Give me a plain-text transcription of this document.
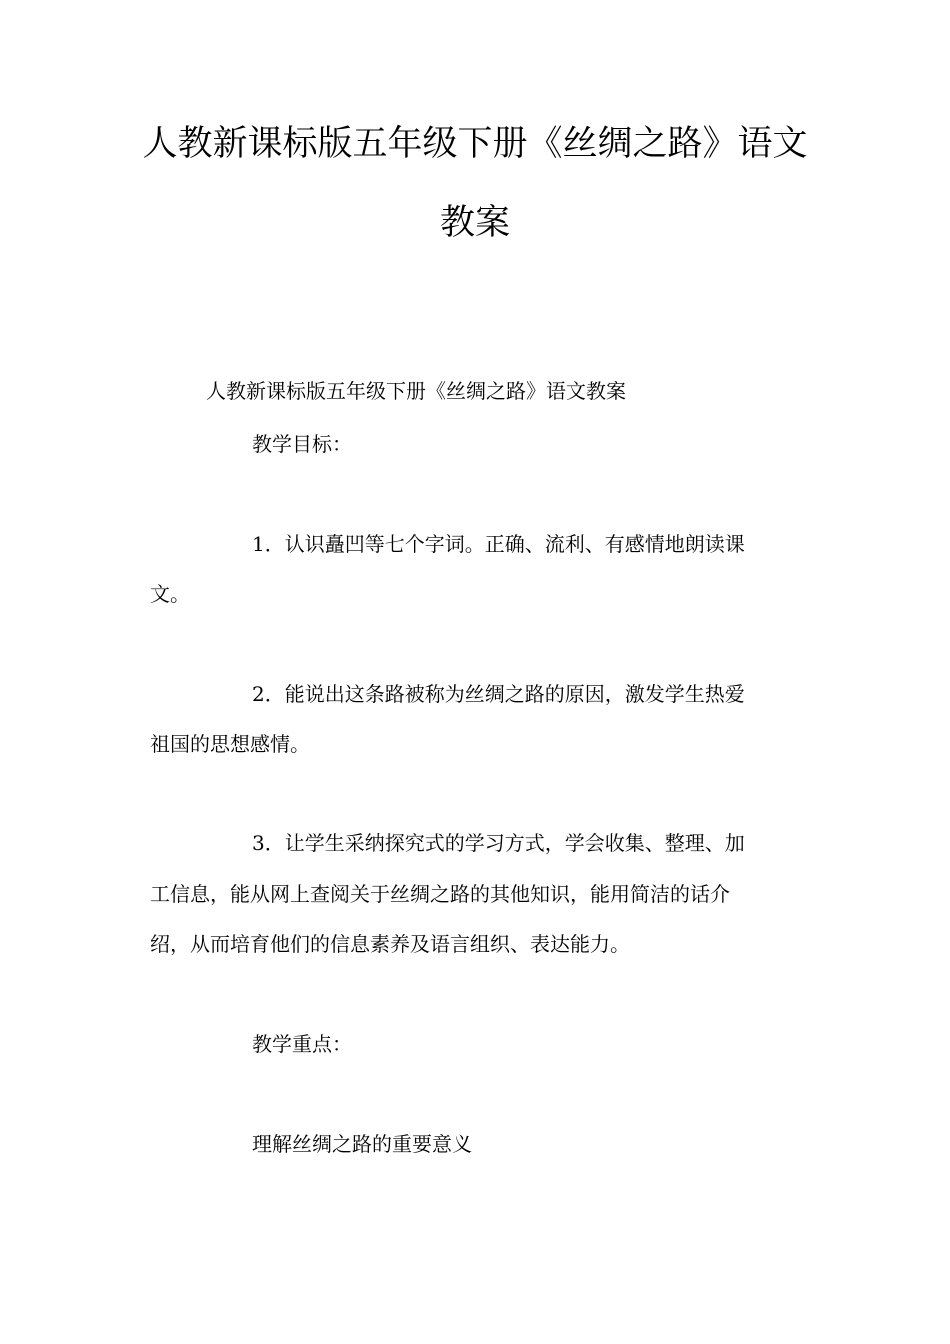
人教新课标版五年级下册《丝绸之路》语文
教案
人教新课标版五年级下册《丝绸之路》语文教案
教学目标：
1．认识矗凹等七个字词。正确、流利、有感情地朗读课
文。
2．能说出这条路被称为丝绸之路的原因，激发学生热爱
祖国的思想感情。
3．让学生采纳探究式的学习方式，学会收集、整理、加
工信息，能从网上查阅关于丝绸之路的其他知识，能用简洁的话介
绍，从而培育他们的信息素养及语言组织、表达能力。
教学重点：
理解丝绸之路的重要意义
